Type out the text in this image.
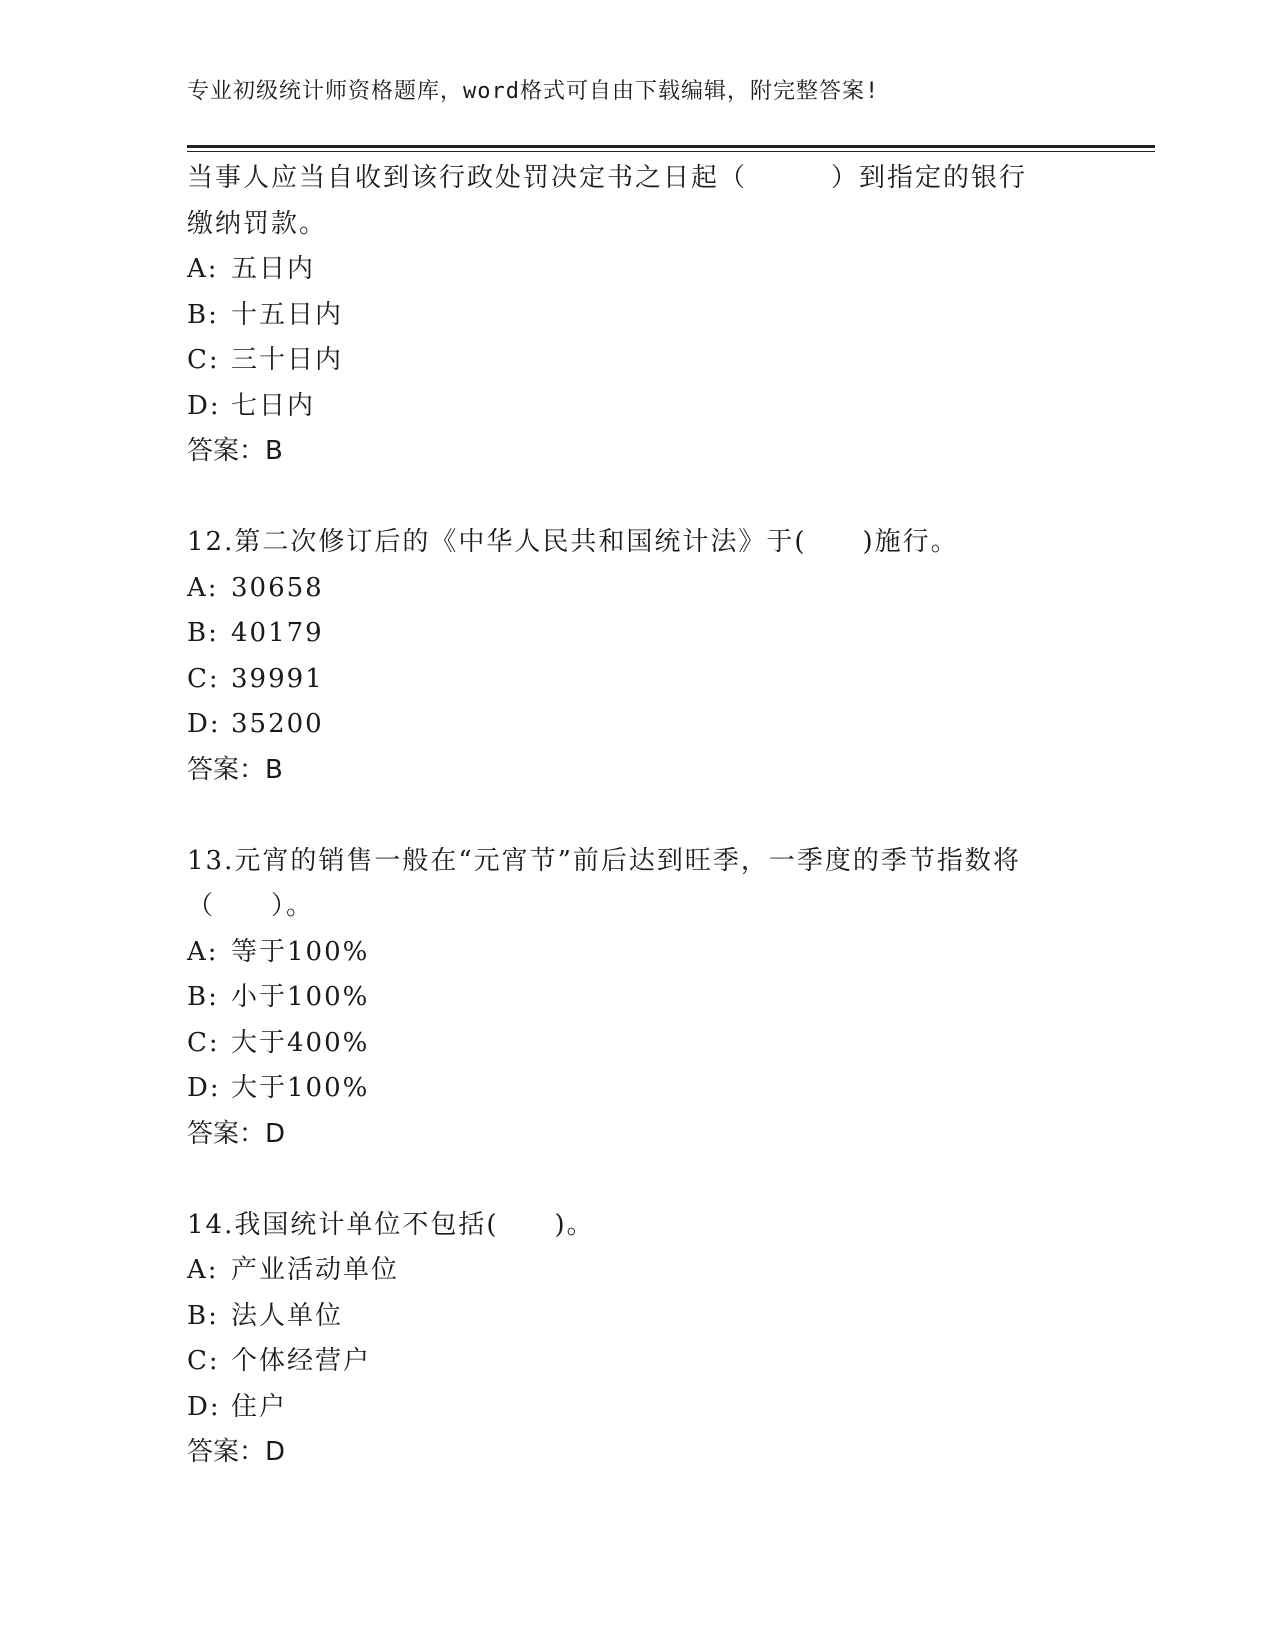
专业初级统计师资格题库，word格式可自由下载编辑，附完整答案!
当事人应当自收到该行政处罚决定书之日起（　　　）到指定的银行
缴纳罚款。
A: 五日内
B: 十五日内
C: 三十日内
D: 七日内
答案：B
12.第二次修订后的《中华人民共和国统计法》于(　　)施行。
A: 30658
B: 40179
C: 39991
D: 35200
答案：B
13.元宵的销售一般在“元宵节”前后达到旺季，一季度的季节指数将
（　　）。
A: 等于100%
B: 小于100%
C: 大于400%
D: 大于100%
答案：D
14.我国统计单位不包括(　　)。
A: 产业活动单位
B: 法人单位
C: 个体经营户
D: 住户
答案：D
